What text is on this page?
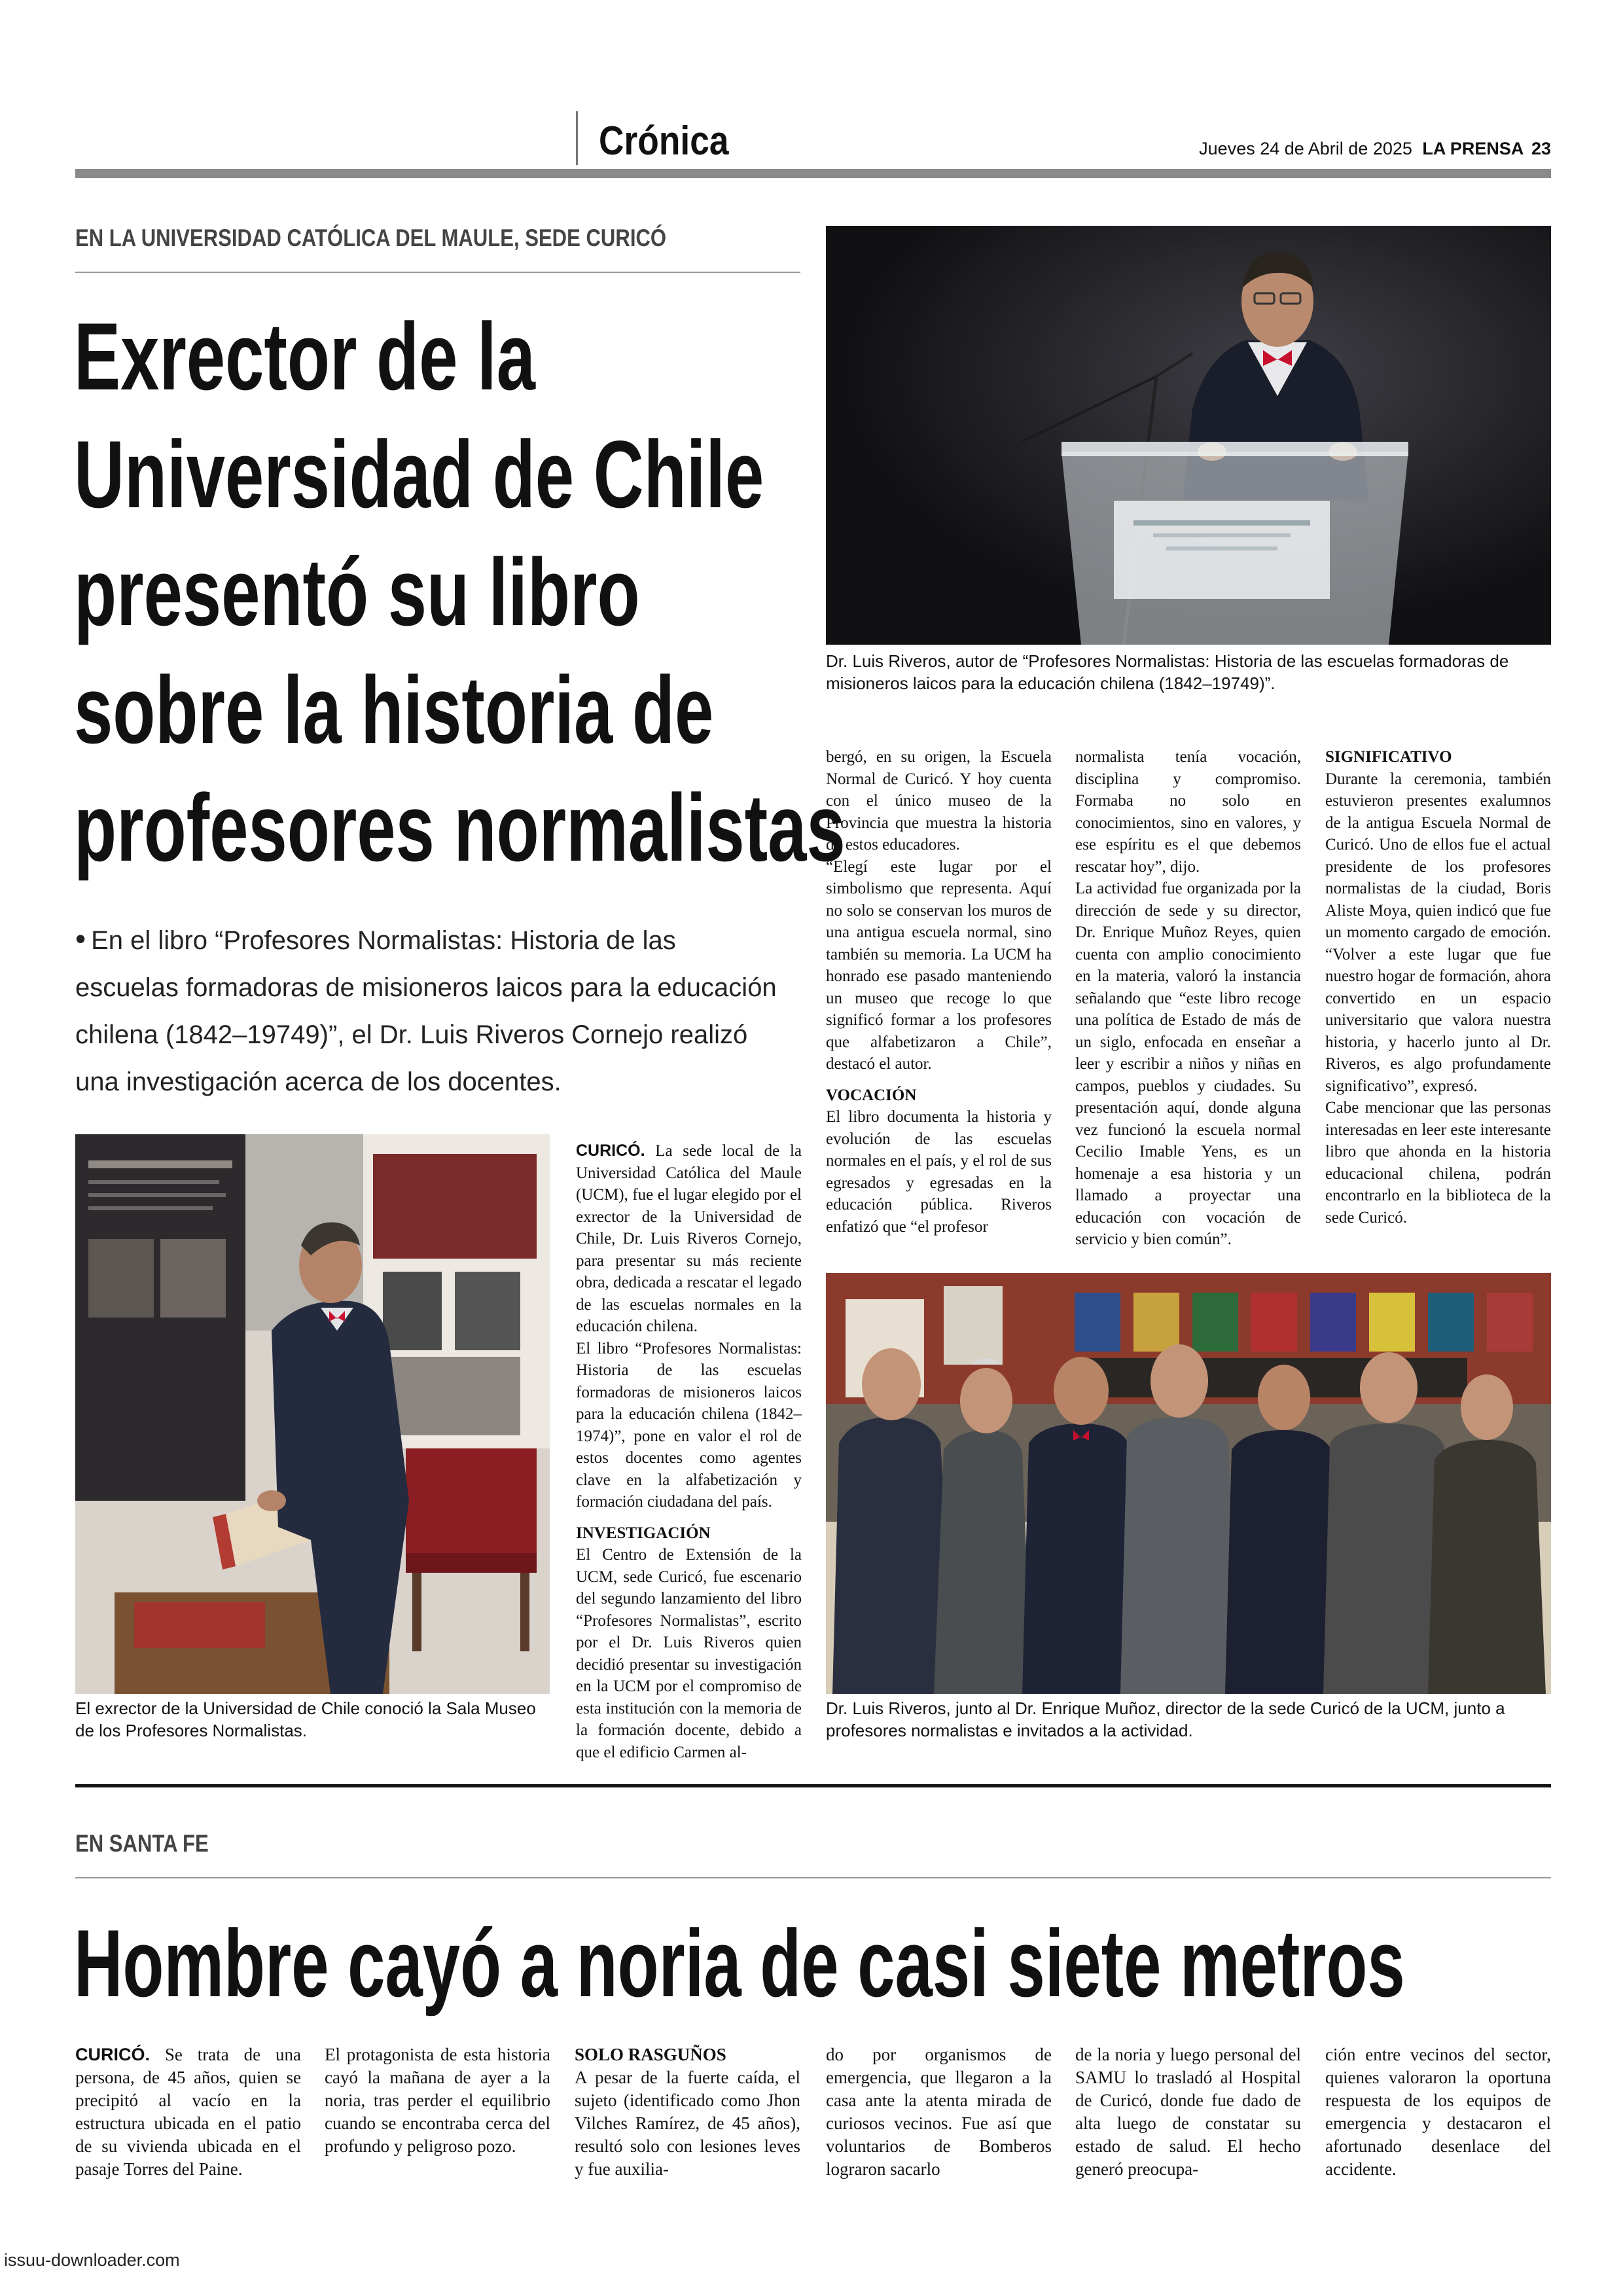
Crónica	Jueves 24 de Abril de 2025 LA PRENSA 23
EN LA UNIVERSIDAD CATÓLICA DEL MAULE, SEDE CURICÓ
Exrector de la
Universidad de Chile
presentó su libro
sobre la historia de
profesores normalistas
• En el libro “Profesores Normalistas: Historia de las
escuelas formadoras de misioneros laicos para la educación
chilena (1842–19749)”, el Dr. Luis Riveros Cornejo realizó
una investigación acerca de los docentes.

Dr. Luis Riveros, autor de “Profesores Normalistas: Historia de las escuelas formadoras de misioneros laicos para la educación chilena (1842–19749)”.

El exrector de la Universidad de Chile conoció la Sala Museo de los Profesores Normalistas.

CURICÓ. La sede local de la Universidad Católica del Maule (UCM), fue el lugar elegido por el exrector de la Universidad de Chile, Dr. Luis Riveros Cornejo, para presentar su más reciente obra, dedicada a rescatar el legado de las escuelas normales en la educación chilena.

El libro “Profesores Normalistas: Historia de las escuelas formadoras de misioneros laicos para la educación chilena (1842–1974)”, pone en valor el rol de estos docentes como agentes clave en la alfabetización y formación ciudadana del país.

INVESTIGACIÓN

El Centro de Extensión de la UCM, sede Curicó, fue escenario del segundo lanzamiento del libro “Profesores Normalistas”, escrito por el Dr. Luis Riveros quien decidió presentar su investigación en la UCM por el compromiso de esta institución con la memoria de la formación docente, debido a que el edificio Carmen al-

bergó, en su origen, la Escuela Normal de Curicó. Y hoy cuenta con el único museo de la Provincia que muestra la historia de estos educadores.

“Elegí este lugar por el simbolismo que representa. Aquí no solo se conservan los muros de una antigua escuela normal, sino también su memoria. La UCM ha honrado ese pasado manteniendo un museo que recoge lo que significó formar a los profesores que alfabetizaron a Chile”, destacó el autor.

VOCACIÓN

El libro documenta la historia y evolución de las escuelas normales en el país, y el rol de sus egresados y egresadas en la educación pública. Riveros enfatizó que “el profesor

normalista tenía vocación, disciplina y compromiso. Formaba no solo en conocimientos, sino en valores, y ese espíritu es el que debemos rescatar hoy”, dijo.

La actividad fue organizada por la dirección de sede y su director, Dr. Enrique Muñoz Reyes, quien cuenta con amplio conocimiento en la materia, valoró la instancia señalando que “este libro recoge una política de Estado de más de un siglo, enfocada en enseñar a leer y escribir a niños y niñas en campos, pueblos y ciudades. Su presentación aquí, donde alguna vez funcionó la escuela normal Cecilio Imable Yens, es un homenaje a esa historia y un llamado a proyectar una educación con vocación de servicio y bien común”.

SIGNIFICATIVO

Durante la ceremonia, también estuvieron presentes exalumnos de la antigua Escuela Normal de Curicó. Uno de ellos fue el actual presidente de los profesores normalistas de la ciudad, Boris Aliste Moya, quien indicó que fue un momento cargado de emoción. “Volver a este lugar que fue nuestro hogar de formación, ahora convertido en un espacio universitario que valora nuestra historia, y hacerlo junto al Dr. Riveros, es algo profundamente significativo”, expresó.

Cabe mencionar que las personas interesadas en leer este interesante libro que ahonda en la historia educacional chilena, podrán encontrarlo en la biblioteca de la sede Curicó.

Dr. Luis Riveros, junto al Dr. Enrique Muñoz, director de la sede Curicó de la UCM, junto a profesores normalistas e invitados a la actividad.

EN SANTA FE
Hombre cayó a noria de casi siete metros

CURICÓ. Se trata de una persona, de 45 años, quien se precipitó al vacío en la estructura ubicada en el patio de su vivienda ubicada en el pasaje Torres del Paine.

El protagonista de esta historia cayó la mañana de ayer a la noria, tras perder el equilibrio cuando se encontraba cerca del profundo y peligroso pozo.

SOLO RASGUÑOS

A pesar de la fuerte caída, el sujeto (identificado como Jhon Vilches Ramírez, de 45 años), resultó solo con lesiones leves y fue auxilia-

do por organismos de emergencia, que llegaron a la casa ante la atenta mirada de curiosos vecinos. Fue así que voluntarios de Bomberos lograron sacarlo

de la noria y luego personal del SAMU lo trasladó al Hospital de Curicó, donde fue dado de alta luego de constatar su estado de salud. El hecho generó preocupa-

ción entre vecinos del sector, quienes valoraron la oportuna respuesta de los equipos de emergencia y destacaron el afortunado desenlace del accidente.

issuu-downloader.com
